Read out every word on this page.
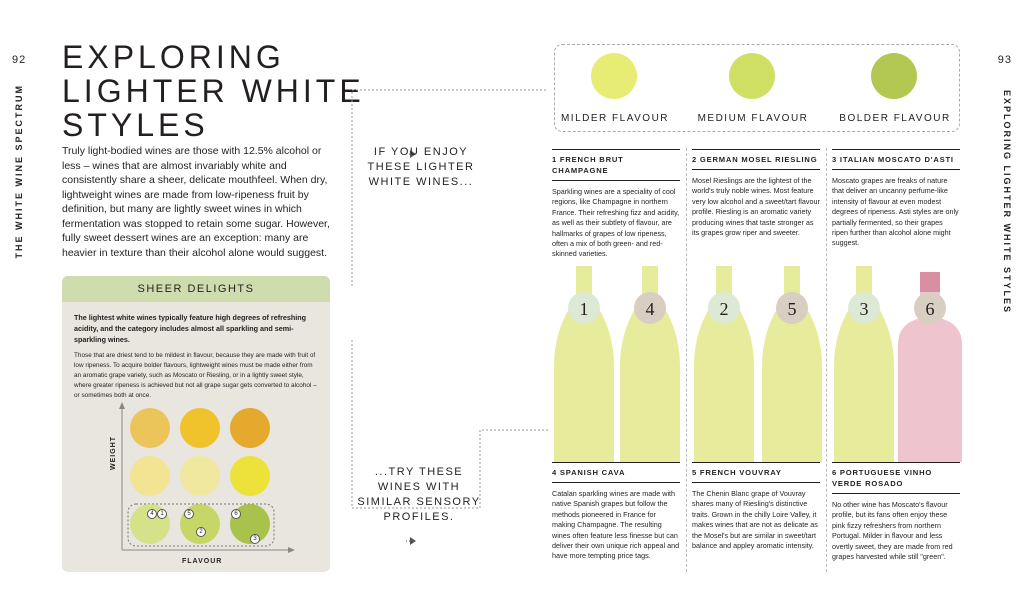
92	93
THE WHITE WINE SPECTRUM	EXPLORING LIGHTER WHITE STYLES
EXPLORING
LIGHTER WHITE
STYLES
Truly light-bodied wines are those with 12.5% alcohol or less – wines that are almost invariably white and consistently share a sheer, delicate mouthfeel. When dry, lightweight wines are made from low-ripeness fruit by definition, but many are lightly sweet wines in which fermentation was stopped to retain some sugar. However, fully sweet dessert wines are an exception: many are heavier in texture than their alcohol alone would suggest.
SHEER DELIGHTS
The lightest white wines typically feature high degrees of refreshing acidity, and the category includes almost all sparkling and semi-sparkling wines.
Those that are driest tend to be mildest in flavour, because they are made with fruit of low ripeness. To acquire bolder flavours, lightweight wines must be made either from an aromatic grape variety, such as Moscato or Riesling, or in a lightly sweet style, where greater ripeness is achieved but not all grape sugar gets converted to alcohol – or sometimes both at once.
WEIGHT
FLAVOUR
4	1	5
2
6
3
IF YOU ENJOY
THESE LIGHTER
WHITE WINES...
...TRY THESE
WINES WITH
SIMILAR SENSORY
PROFILES.
MILDER FLAVOUR	MEDIUM FLAVOUR	BOLDER FLAVOUR
1 FRENCH BRUT
CHAMPAGNE
Sparkling wines are a speciality of cool regions, like Champagne in northern France. Their refreshing fizz and acidity, as well as their subtlety of flavour, are hallmarks of grapes of low ripeness, often a mix of both green- and red-skinned varieties.
4 SPANISH CAVA
Catalan sparkling wines are made with native Spanish grapes but follow the methods pioneered in France for making Champagne. The resulting wines often feature less finesse but can deliver their own unique rich appeal and have more tempting price tags.
2 GERMAN MOSEL RIESLING
Mosel Rieslings are the lightest of the world's truly noble wines. Most feature very low alcohol and a sweet/tart flavour profile. Riesling is an aromatic variety producing wines that taste stronger as its grapes grow riper and sweeter.
5 FRENCH VOUVRAY
The Chenin Blanc grape of Vouvray shares many of Riesling's distinctive traits. Grown in the chilly Loire Valley, it makes wines that are not as delicate as the Mosel's but are similar in sweet/tart balance and appley aromatic intensity.
3 ITALIAN MOSCATO D'ASTI
Moscato grapes are freaks of nature that deliver an uncanny perfume-like intensity of flavour at even modest degrees of ripeness. Asti styles are only partially fermented, so their grapes ripen further than alcohol alone might suggest.
6 PORTUGUESE VINHO
VERDE ROSADO
No other wine has Moscato's flavour profile, but its fans often enjoy these pink fizzy refreshers from northern Portugal. Milder in flavour and less overtly sweet, they are made from red grapes harvested while still "green".
1	4	2	5	3	6
